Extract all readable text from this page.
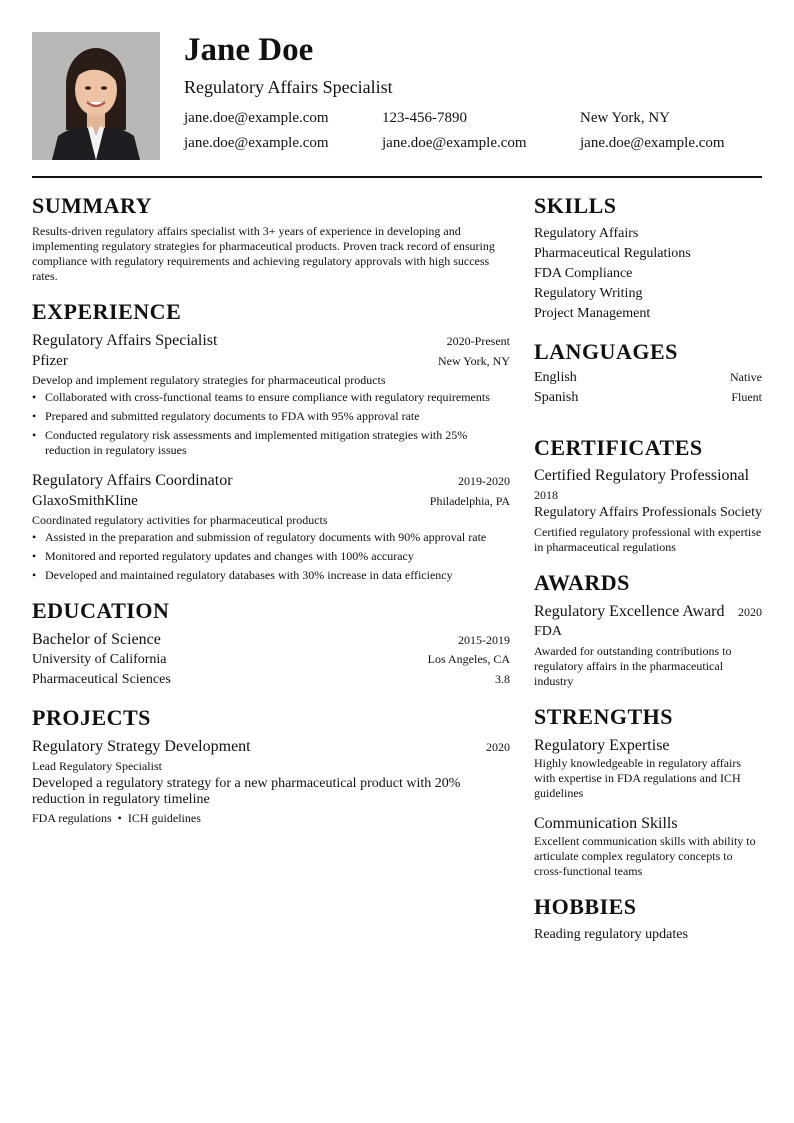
Jane Doe
Regulatory Affairs Specialist
jane.doe@example.com	123-456-7890	New York, NY
jane.doe@example.com	jane.doe@example.com	jane.doe@example.com
SUMMARY

Results-driven regulatory affairs specialist with 3+ years of experience in developing and implementing regulatory strategies for pharmaceutical products. Proven track record of ensuring compliance with regulatory requirements and achieving regulatory approvals with high success rates.

EXPERIENCE
Regulatory Affairs Specialist	2020-Present
Pfizer	New York, NY

Develop and implement regulatory strategies for pharmaceutical products

• Collaborated with cross-functional teams to ensure compliance with regulatory requirements
• Prepared and submitted regulatory documents to FDA with 95% approval rate
• Conducted regulatory risk assessments and implemented mitigation strategies with 25% reduction in regulatory issues
Regulatory Affairs Coordinator	2019-2020
GlaxoSmithKline	Philadelphia, PA

Coordinated regulatory activities for pharmaceutical products

• Assisted in the preparation and submission of regulatory documents with 90% approval rate
• Monitored and reported regulatory updates and changes with 100% accuracy
• Developed and maintained regulatory databases with 30% increase in data efficiency
EDUCATION
Bachelor of Science	2015-2019
University of California	Los Angeles, CA
Pharmaceutical Sciences	3.8
PROJECTS
Regulatory Strategy Development	2020

Lead Regulatory Specialist

Developed a regulatory strategy for a new pharmaceutical product with 20% reduction in regulatory timeline

FDA regulations • ICH guidelines
SKILLS
Regulatory Affairs
Pharmaceutical Regulations
FDA Compliance
Regulatory Writing
Project Management
LANGUAGES
English	Native
Spanish	Fluent
CERTIFICATES
Certified Regulatory Professional
2018
Regulatory Affairs Professionals Society
Certified regulatory professional with expertise in pharmaceutical regulations
AWARDS
Regulatory Excellence Award 2020
FDA
Awarded for outstanding contributions to regulatory affairs in the pharmaceutical industry
STRENGTHS
Regulatory Expertise
Highly knowledgeable in regulatory affairs with expertise in FDA regulations and ICH guidelines
Communication Skills
Excellent communication skills with ability to articulate complex regulatory concepts to cross-functional teams
HOBBIES
Reading regulatory updates
